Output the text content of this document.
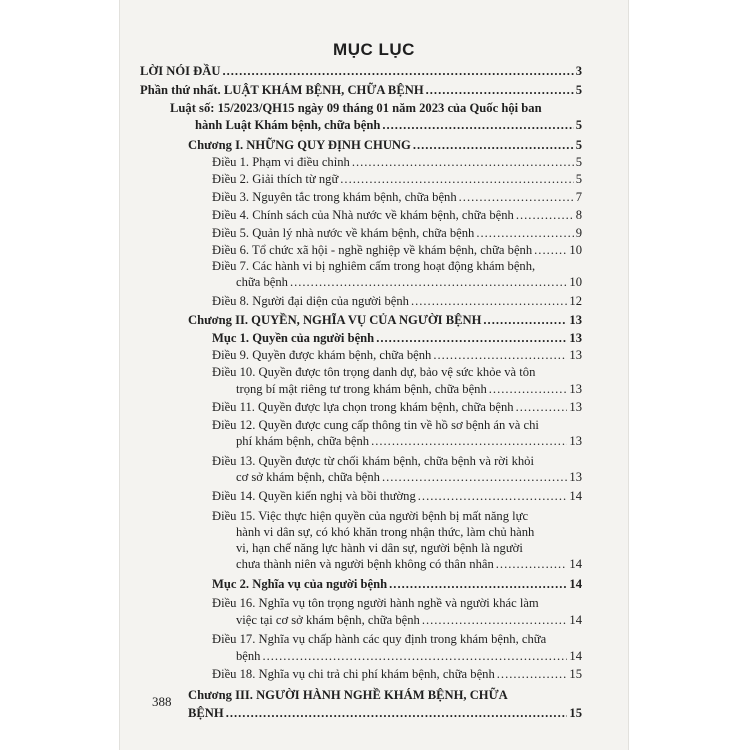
MỤC LỤC
LỜI NÓI ĐẦU .....	3
Phần thứ nhất. LUẬT KHÁM BỆNH, CHỮA BỆNH .....	5
Luật số: 15/2023/QH15 ngày 09 tháng 01 năm 2023 của Quốc hội ban
hành Luật Khám bệnh, chữa bệnh .....	5
Chương I. NHỮNG QUY ĐỊNH CHUNG .....	5
Điều 1. Phạm vi điều chỉnh .....	5
Điều 2. Giải thích từ ngữ .....	5
Điều 3. Nguyên tắc trong khám bệnh, chữa bệnh .....	7
Điều 4. Chính sách của Nhà nước về khám bệnh, chữa bệnh .....	8
Điều 5. Quản lý nhà nước về khám bệnh, chữa bệnh .....	9
Điều 6. Tổ chức xã hội - nghề nghiệp về khám bệnh, chữa bệnh .....	10
Điều 7. Các hành vi bị nghiêm cấm trong hoạt động khám bệnh,
chữa bệnh .....	10
Điều 8. Người đại diện của người bệnh .....	12
Chương II. QUYỀN, NGHĨA VỤ CỦA NGƯỜI BỆNH .....	13
Mục 1. Quyền của người bệnh .....	13
Điều 9. Quyền được khám bệnh, chữa bệnh .....	13
Điều 10. Quyền được tôn trọng danh dự, bảo vệ sức khỏe và tôn
trọng bí mật riêng tư trong khám bệnh, chữa bệnh .....	13
Điều 11. Quyền được lựa chọn trong khám bệnh, chữa bệnh .....	13
Điều 12. Quyền được cung cấp thông tin về hồ sơ bệnh án và chi
phí khám bệnh, chữa bệnh .....	13
Điều 13. Quyền được từ chối khám bệnh, chữa bệnh và rời khỏi
cơ sở khám bệnh, chữa bệnh .....	13
Điều 14. Quyền kiến nghị và bồi thường .....	14
Điều 15. Việc thực hiện quyền của người bệnh bị mất năng lực
hành vi dân sự, có khó khăn trong nhận thức, làm chủ hành
vi, hạn chế năng lực hành vi dân sự, người bệnh là người
chưa thành niên và người bệnh không có thân nhân .....	14
Mục 2. Nghĩa vụ của người bệnh .....	14
Điều 16. Nghĩa vụ tôn trọng người hành nghề và người khác làm
việc tại cơ sở khám bệnh, chữa bệnh .....	14
Điều 17. Nghĩa vụ chấp hành các quy định trong khám bệnh, chữa
bệnh .....	14
Điều 18. Nghĩa vụ chi trả chi phí khám bệnh, chữa bệnh .....	15
Chương III. NGƯỜI HÀNH NGHỀ KHÁM BỆNH, CHỮA
BỆNH .....	15
388
